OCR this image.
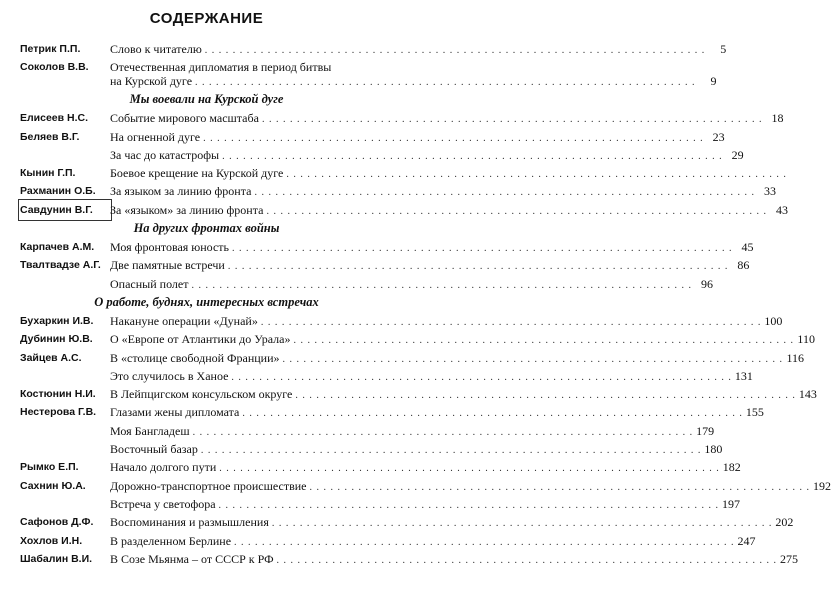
СОДЕРЖАНИЕ
Петрик П.П.	Слово к читателю . . . . . . . . . . . . . . . . . . . . . . . . . . . . . . . . . . . . . . . . . . . . . . . . . . . . . . . . . . . . . . . . . . . . . . . .	5
Соколов В.В.	Отечественная дипломатия в период битвы
на Курской дуге . . . . . . . . . . . . . . . . . . . . . . . . . . . . . . . . . . . . . . . . . . . . . . . . . . . . . . . . . . . . . . . . . . . . . . . .	9
Мы воевали на Курской дуге
Елисеев Н.С.	Событие мирового масштаба . . . . . . . . . . . . . . . . . . . . . . . . . . . . . . . . . . . . . . . . . . . . . . . . . . . . . . . . . . . . . . . . . . . . . . . . 18
Беляев В.Г.	На огненной дуге . . . . . . . . . . . . . . . . . . . . . . . . . . . . . . . . . . . . . . . . . . . . . . . . . . . . . . . . . . . . . . . . . . . . . . . . 23
За час до катастрофы . . . . . . . . . . . . . . . . . . . . . . . . . . . . . . . . . . . . . . . . . . . . . . . . . . . . . . . . . . . . . . . . . . . . . . . . 29
Кынин Г.П.	Боевое крещение на Курской дуге . . . . . . . . . . . . . . . . . . . . . . . . . . . . . . . . . . . . . . . . . . . . . . . . . . . . . . . . . . . . . . . . . . . . . . . .
Рахманин О.Б.	За языком за линию фронта . . . . . . . . . . . . . . . . . . . . . . . . . . . . . . . . . . . . . . . . . . . . . . . . . . . . . . . . . . . . . . . . . . . . . . . . 33
Савдунин В.Г.	За «языком» за линию фронта . . . . . . . . . . . . . . . . . . . . . . . . . . . . . . . . . . . . . . . . . . . . . . . . . . . . . . . . . . . . . . . . . . . . . . . . 43
На других фронтах войны
Карпачев А.М.	Моя фронтовая юность . . . . . . . . . . . . . . . . . . . . . . . . . . . . . . . . . . . . . . . . . . . . . . . . . . . . . . . . . . . . . . . . . . . . . . . . 45
Твалтвадзе А.Г. Две памятные встречи . . . . . . . . . . . . . . . . . . . . . . . . . . . . . . . . . . . . . . . . . . . . . . . . . . . . . . . . . . . . . . . . . . . . . . . . 86
Опасный полет . . . . . . . . . . . . . . . . . . . . . . . . . . . . . . . . . . . . . . . . . . . . . . . . . . . . . . . . . . . . . . . . . . . . . . . . 96
О работе, буднях, интересных встречах
Бухаркин И.В.	Накануне операции «Дунай» . . . . . . . . . . . . . . . . . . . . . . . . . . . . . . . . . . . . . . . . . . . . . . . . . . . . . . . . . . . . . . . . . . . . . . . . 100
Дубинин Ю.В.	О «Европе от Атлантики до Урала» . . . . . . . . . . . . . . . . . . . . . . . . . . . . . . . . . . . . . . . . . . . . . . . . . . . . . . . . . . . . . . . . . . . . . . . . 110
Зайцев А.С.	В «столице свободной Франции» . . . . . . . . . . . . . . . . . . . . . . . . . . . . . . . . . . . . . . . . . . . . . . . . . . . . . . . . . . . . . . . . . . . . . . . . 116
Это случилось в Ханое . . . . . . . . . . . . . . . . . . . . . . . . . . . . . . . . . . . . . . . . . . . . . . . . . . . . . . . . . . . . . . . . . . . . . . . . 131
Костюнин Н.И.	В Лейпцигском консульском округе . . . . . . . . . . . . . . . . . . . . . . . . . . . . . . . . . . . . . . . . . . . . . . . . . . . . . . . . . . . . . . . . . . . . . . . . 143
Нестерова Г.В.	Глазами жены дипломата . . . . . . . . . . . . . . . . . . . . . . . . . . . . . . . . . . . . . . . . . . . . . . . . . . . . . . . . . . . . . . . . . . . . . . . . 155
Моя Бангладеш . . . . . . . . . . . . . . . . . . . . . . . . . . . . . . . . . . . . . . . . . . . . . . . . . . . . . . . . . . . . . . . . . . . . . . . . 179
Восточный базар . . . . . . . . . . . . . . . . . . . . . . . . . . . . . . . . . . . . . . . . . . . . . . . . . . . . . . . . . . . . . . . . . . . . . . . . 180
Рымко Е.П.	Начало долгого пути . . . . . . . . . . . . . . . . . . . . . . . . . . . . . . . . . . . . . . . . . . . . . . . . . . . . . . . . . . . . . . . . . . . . . . . . 182
Сахнин Ю.А.	Дорожно-транспортное происшествие . . . . . . . . . . . . . . . . . . . . . . . . . . . . . . . . . . . . . . . . . . . . . . . . . . . . . . . . . . . . . . . . . . . . . . . . 192
Встреча у светофора . . . . . . . . . . . . . . . . . . . . . . . . . . . . . . . . . . . . . . . . . . . . . . . . . . . . . . . . . . . . . . . . . . . . . . . . 197
Сафонов Д.Ф.	Воспоминания и размышления . . . . . . . . . . . . . . . . . . . . . . . . . . . . . . . . . . . . . . . . . . . . . . . . . . . . . . . . . . . . . . . . . . . . . . . . 202
Хохлов И.Н.	В разделенном Берлине . . . . . . . . . . . . . . . . . . . . . . . . . . . . . . . . . . . . . . . . . . . . . . . . . . . . . . . . . . . . . . . . . . . . . . . . 247
Шабалин В.И.	В Созе Мьянма – от СССР к РФ . . . . . . . . . . . . . . . . . . . . . . . . . . . . . . . . . . . . . . . . . . . . . . . . . . . . . . . . . . . . . . . . . . . . . . . . 275
